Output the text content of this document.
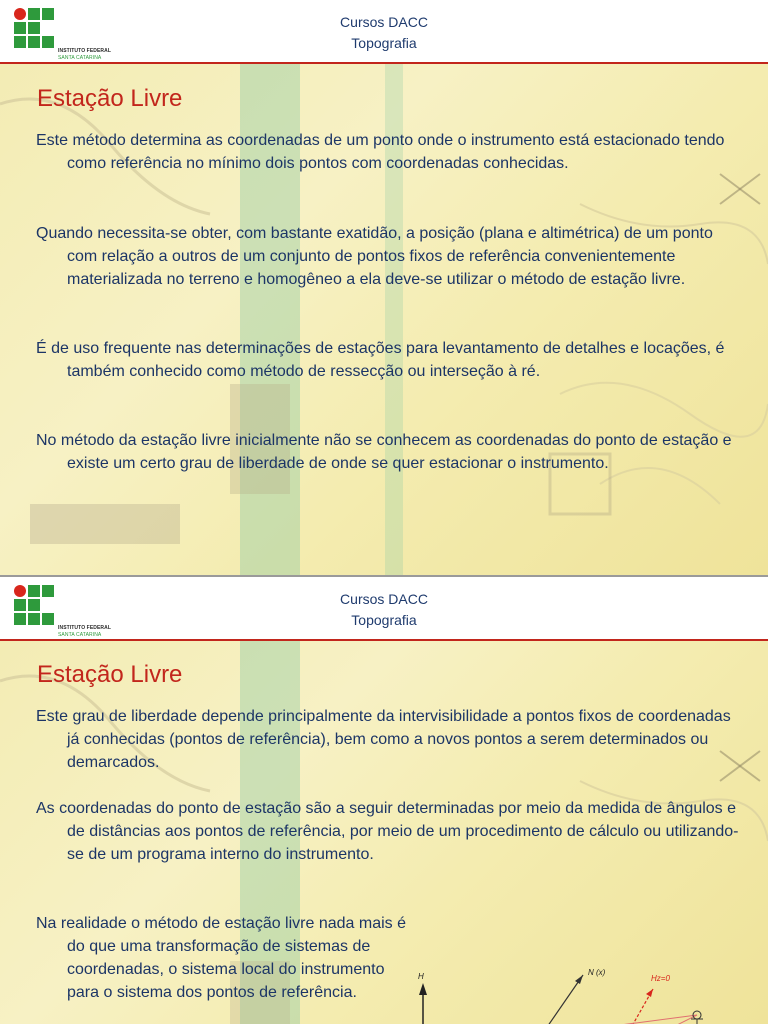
INSTITUTO FEDERAL
SANTA CATARINA
Cursos DACC
Topografia
Estação Livre

Este método determina as coordenadas de um ponto onde o instrumento está estacionado tendo como referência no mínimo dois pontos com coordenadas conhecidas.

Quando necessita-se obter, com bastante exatidão, a posição (plana e altimétrica) de um ponto com relação a outros de um conjunto de pontos fixos de referência convenientemente materializada no terreno e homogêneo a ela deve-se utilizar o método de estação livre.

É de uso frequente nas determinações de estações para levantamento de detalhes e locações, é também conhecido como método de ressecção ou interseção à ré.

No método da estação livre inicialmente não se conhecem as coordenadas do ponto de estação e existe um certo grau de liberdade de onde se quer estacionar o instrumento.

INSTITUTO FEDERAL
SANTA CATARINA
Cursos DACC
Topografia
Estação Livre

Este grau de liberdade depende principalmente da intervisibilidade a pontos fixos de coordenadas já conhecidas (pontos de referência), bem como a novos pontos a serem determinados ou demarcados.

As coordenadas do ponto de estação são a seguir determinadas por meio da medida de ângulos e de distâncias aos pontos de referência, por meio de um procedimento de cálculo ou utilizando-se de um programa interno do instrumento.

Na realidade o método de estação livre nada mais é do que uma transformação de sistemas de coordenadas, o sistema local do instrumento para o sistema dos pontos de referência.

H	N (x)
Hz=0
